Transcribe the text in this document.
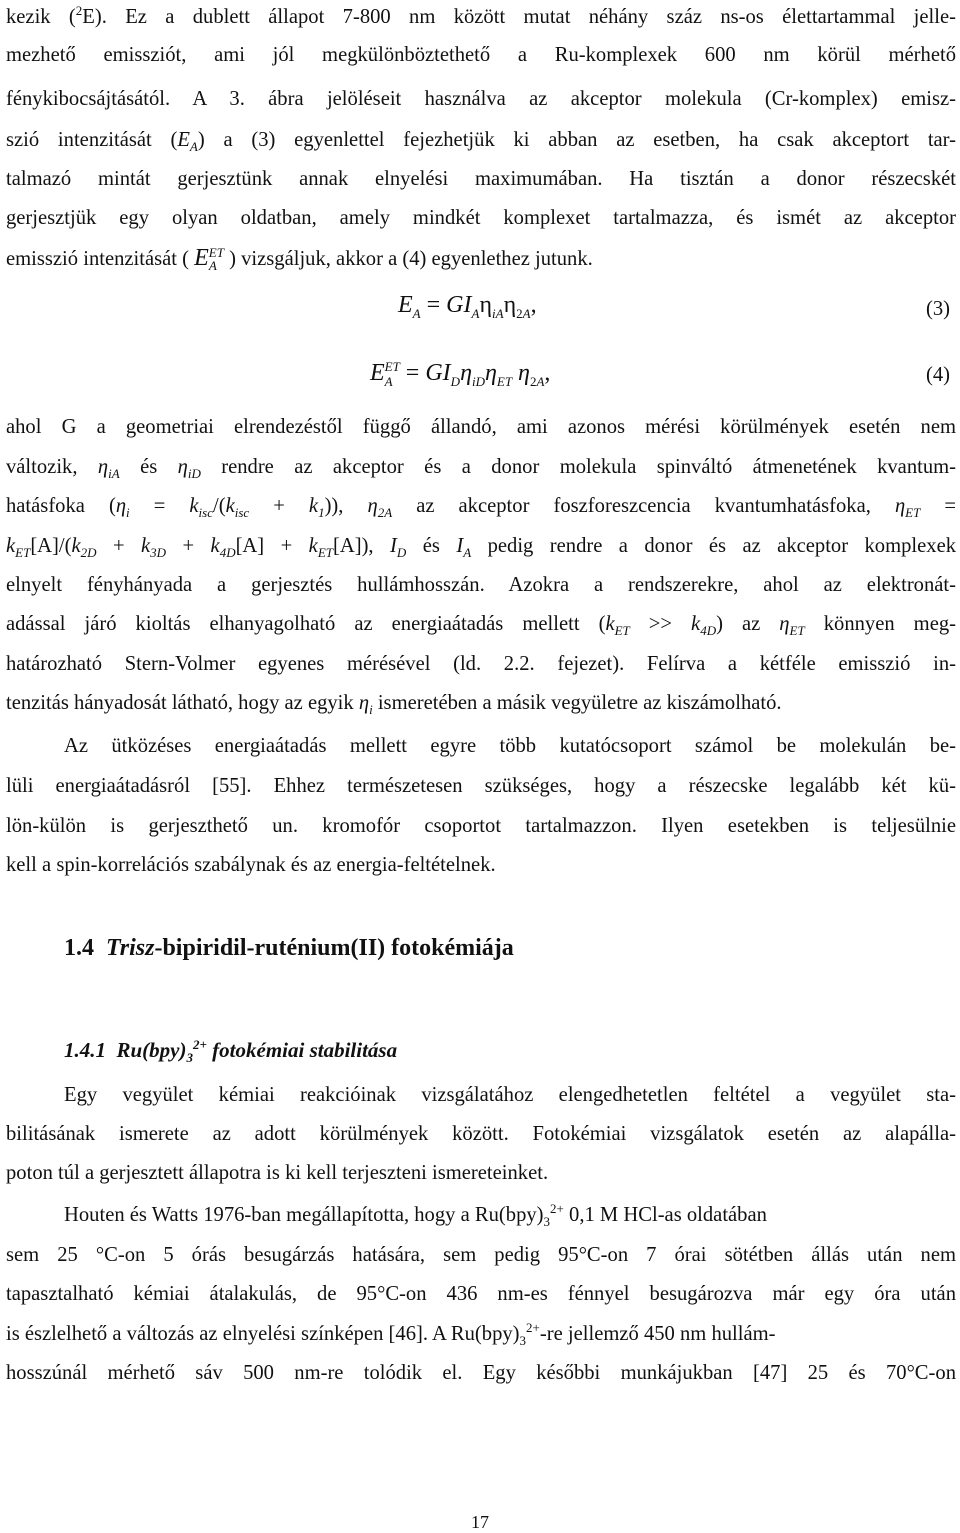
kezik ($^2$E). Ez a dublett állapot 7-800 nm között mutat néhány száz ns-os élettartammal jelle-
mezhető emissziót, ami jól megkülönböztethető a Ru-komplexek 600 nm körül mérhető
fénykibocsájtásától. A 3. ábra jelöléseit használva az akceptor molekula (Cr-komplex) emisz-
szió intenzitását $(E_A)$ a (3) egyenlettel fejezhetjük ki abban az esetben, ha csak akceptort tar-
talmazó mintát gerjesztünk annak elnyelési maximumában. Ha tisztán a donor részecskét
gerjesztjük egy olyan oldatban, amely mindkét komplexet tartalmazza, és ismét az akceptor
emisszió intenzitását ( $E_A^{ET}$ ) vizsgáljuk, akkor a (4) egyenlethez jutunk.
$E_A = GI_A\eta_{iA}\eta_{2A}$,	(3)
$E_A^{ET} = GI_D\eta_{iD}\eta_{ET}$ $\eta_{2A}$,	(4)
ahol G a geometriai elrendezéstől függő állandó, ami azonos mérési körülmények esetén nem
változik, $\eta_{iA}$ és $\eta_{iD}$ rendre az akceptor és a donor molekula spinváltó átmenetének kvantum-
hatásfoka $(\eta_i = k_{isc}/(k_{isc} + k_1))$, $\eta_{2A}$ az akceptor foszforeszcencia kvantumhatásfoka, $\eta_{ET}$ =
$k_{ET}[A]/(k_{2D} + k_{3D} + k_{4D}[A] + k_{ET}[A])$, $I_D$ és $I_A$ pedig rendre a donor és az akceptor komplexek
elnyelt fényhányada a gerjesztés hullámhosszán. Azokra a rendszerekre, ahol az elektronát-
adással járó kioltás elhanyagolható az energiaátadás mellett $(k_{ET} >> k_{4D})$ az $\eta_{ET}$ könnyen meg-
határozható Stern-Volmer egyenes mérésével (ld. 2.2. fejezet). Felírva a kétféle emisszió in-
tenzitás hányadosát látható, hogy az egyik $\eta_i$ ismeretében a másik vegyületre az kiszámolható.
Az ütközéses energiaátadás mellett egyre több kutatócsoport számol be molekulán be-
lüli energiaátadásról [55]. Ehhez természetesen szükséges, hogy a részecske legalább két kü-
lön-külön is gerjeszthető un. kromofór csoportot tartalmazzon. Ilyen esetekben is teljesülnie
kell a spin-korrelációs szabálynak és az energia-feltételnek.
1.4 Trisz-bipiridil-ruténium(II) fotokémiája
1.4.1 $Ru(bpy)_3^{2+}$ fotokémiai stabilitása
Egy vegyület kémiai reakcióinak vizsgálatához elengedhetetlen feltétel a vegyület sta-
bilitásának ismerete az adott körülmények között. Fotokémiai vizsgálatok esetén az alapálla-
poton túl a gerjesztett állapotra is ki kell terjeszteni ismereteinket.
Houten és Watts 1976-ban megállapította, hogy a $Ru(bpy)_3^{2+}$ 0,1 M HCl-as oldatában
sem 25 °C-on 5 órás besugárzás hatására, sem pedig 95°C-on 7 órai sötétben állás után nem
tapasztalható kémiai átalakulás, de 95°C-on 436 nm-es fénnyel besugározva már egy óra után
is észlelhető a változás az elnyelési színképen [46]. A $Ru(bpy)_3^{2+}-re$ jellemző 450 nm hullám-
hosszúnál mérhető sáv 500 nm-re tolódik el. Egy későbbi munkájukban [47] 25 és 70°C-on
17
